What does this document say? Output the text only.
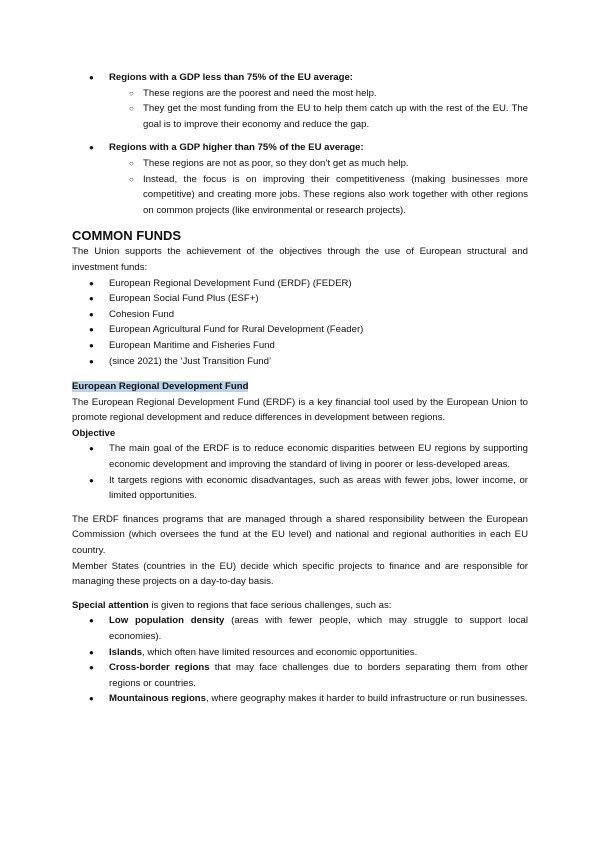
● Regions with a GDP less than 75% of the EU average:
○ These regions are the poorest and need the most help.
○ They get the most funding from the EU to help them catch up with the rest of the EU. The goal is to improve their economy and reduce the gap.
● Regions with a GDP higher than 75% of the EU average:
○ These regions are not as poor, so they don’t get as much help.
○ Instead, the focus is on improving their competitiveness (making businesses more competitive) and creating more jobs. These regions also work together with other regions on common projects (like environmental or research projects).
COMMON FUNDS

The Union supports the achievement of the objectives through the use of European structural and investment funds:

● European Regional Development Fund (ERDF) (FEDER)
● European Social Fund Plus (ESF+)
● Cohesion Fund
● European Agricultural Fund for Rural Development (Feader)
● European Maritime and Fisheries Fund
● (since 2021) the ‘Just Transition Fund’
European Regional Development Fund

The European Regional Development Fund (ERDF) is a key financial tool used by the European Union to promote regional development and reduce differences in development between regions.

Objective

● The main goal of the ERDF is to reduce economic disparities between EU regions by supporting economic development and improving the standard of living in poorer or less-developed areas.
● It targets regions with economic disadvantages, such as areas with fewer jobs, lower income, or limited opportunities.

The ERDF finances programs that are managed through a shared responsibility between the European Commission (which oversees the fund at the EU level) and national and regional authorities in each EU country.

Member States (countries in the EU) decide which specific projects to finance and are responsible for managing these projects on a day-to-day basis.

Special attention is given to regions that face serious challenges, such as:

● Low population density (areas with fewer people, which may struggle to support local economies).
● Islands, which often have limited resources and economic opportunities.
● Cross-border regions that may face challenges due to borders separating them from other regions or countries.
● Mountainous regions, where geography makes it harder to build infrastructure or run businesses.
